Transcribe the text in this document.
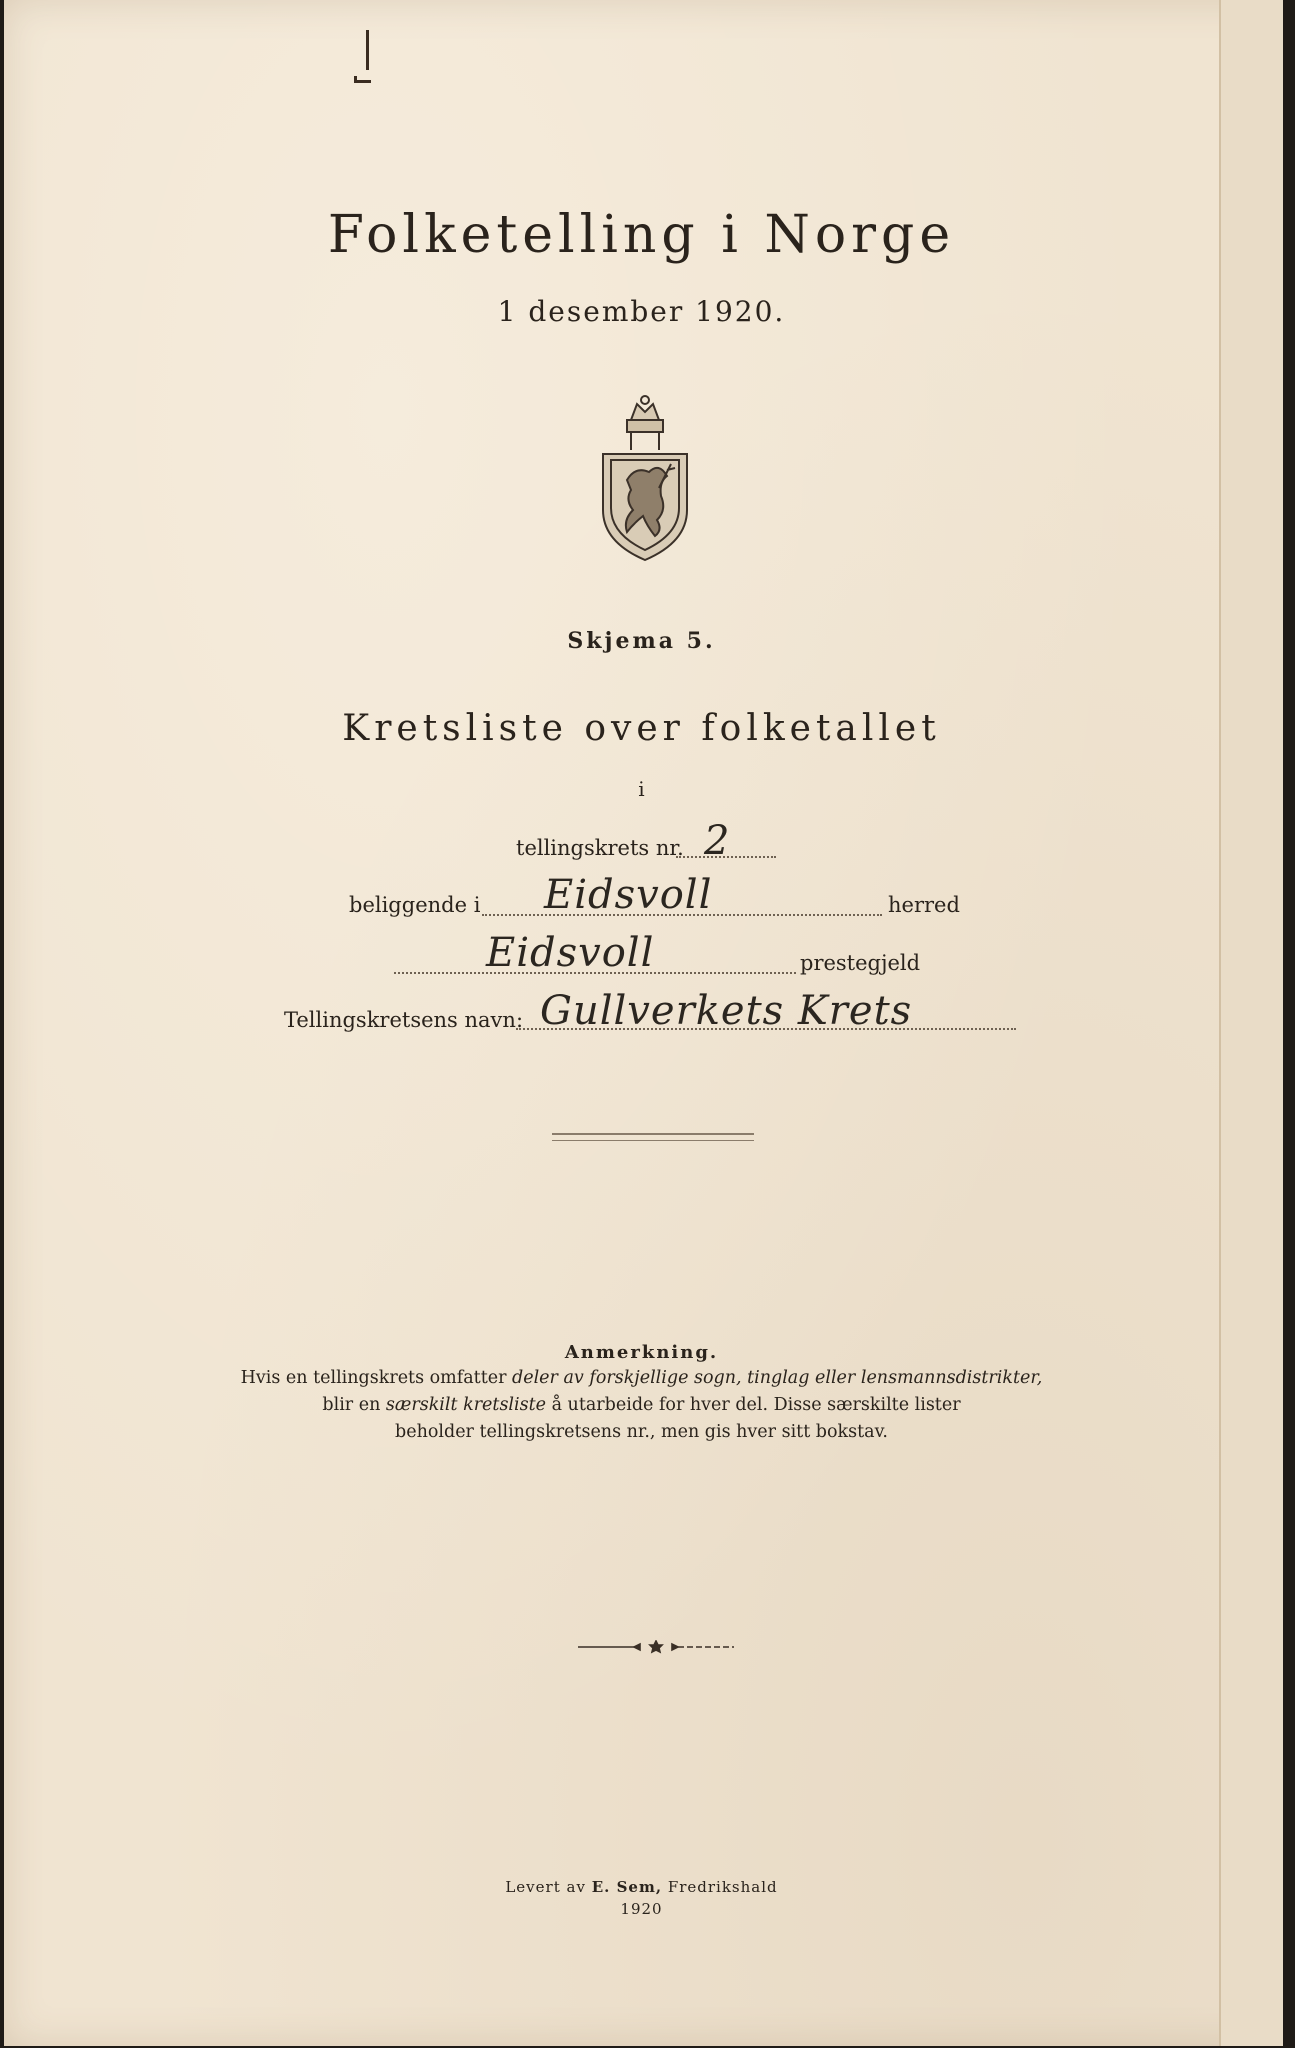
Folketelling i Norge
1 desember 1920.
Skjema 5.
Kretsliste over folketallet
i
tellingskrets nr. 2
beliggende i Eidsvoll	herred
Eidsvoll	prestegjeld
Tellingskretsens navn: Gullverkets Krets
Anmerkning.
Hvis en tellingskrets omfatter deler av forskjellige sogn, tinglag eller lensmannsdistrikter,
blir en særskilt kretsliste å utarbeide for hver del. Disse særskilte lister
beholder tellingskretsens nr., men gis hver sitt bokstav.
Levert av E. Sem, Fredrikshald
1920
